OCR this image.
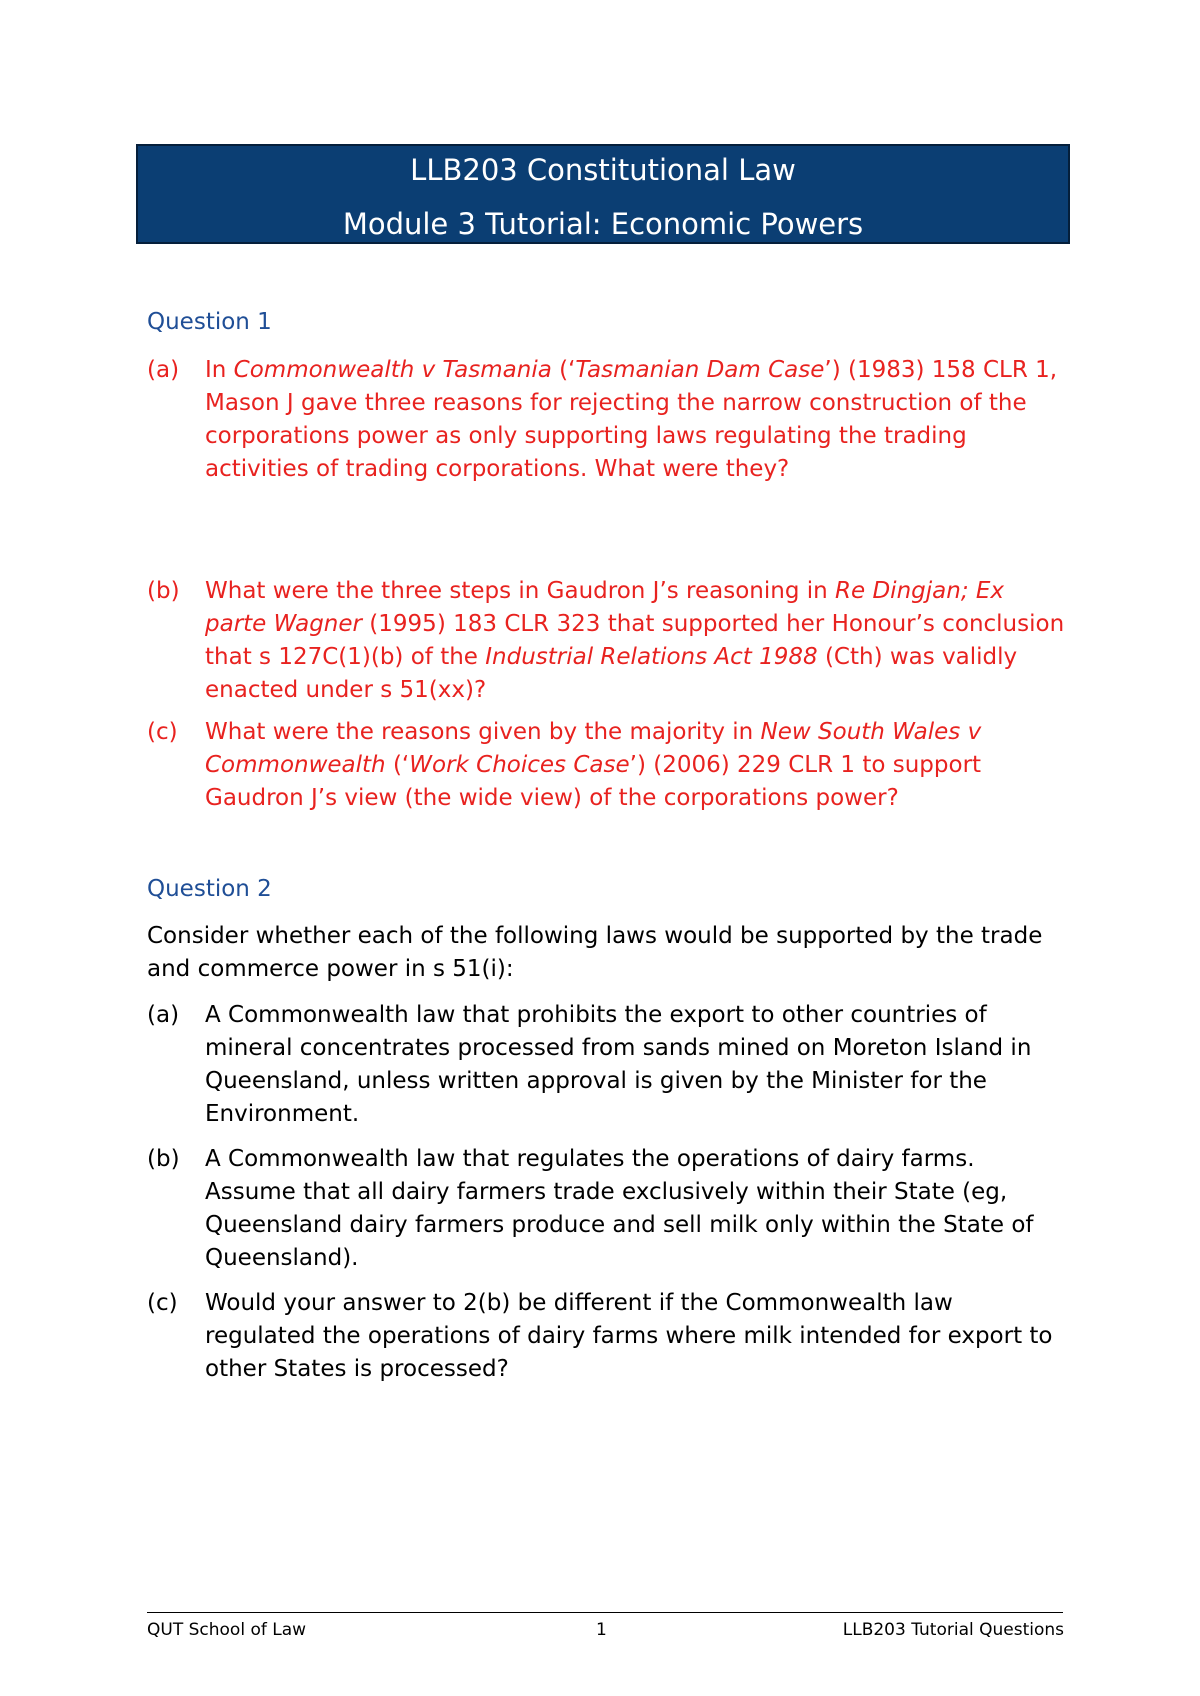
LLB203 Constitutional Law
Module 3 Tutorial: Economic Powers
Question 1
(a) In Commonwealth v Tasmania (‘Tasmanian Dam Case’) (1983) 158 CLR 1, Mason J gave three reasons for rejecting the narrow construction of the corporations power as only supporting laws regulating the trading activities of trading corporations. What were they?
(b) What were the three steps in Gaudron J’s reasoning in Re Dingjan; Ex parte Wagner (1995) 183 CLR 323 that supported her Honour’s conclusion that s 127C(1)(b) of the Industrial Relations Act 1988 (Cth) was validly enacted under s 51(xx)?
(c) What were the reasons given by the majority in New South Wales v Commonwealth (‘Work Choices Case’) (2006) 229 CLR 1 to support Gaudron J’s view (the wide view) of the corporations power?
Question 2
Consider whether each of the following laws would be supported by the trade and commerce power in s 51(i):
(a) A Commonwealth law that prohibits the export to other countries of mineral concentrates processed from sands mined on Moreton Island in Queensland, unless written approval is given by the Minister for the Environment.
(b) A Commonwealth law that regulates the operations of dairy farms. Assume that all dairy farmers trade exclusively within their State (eg, Queensland dairy farmers produce and sell milk only within the State of Queensland).
(c) Would your answer to 2(b) be different if the Commonwealth law regulated the operations of dairy farms where milk intended for export to other States is processed?
QUT School of Law	1	LLB203 Tutorial Questions
